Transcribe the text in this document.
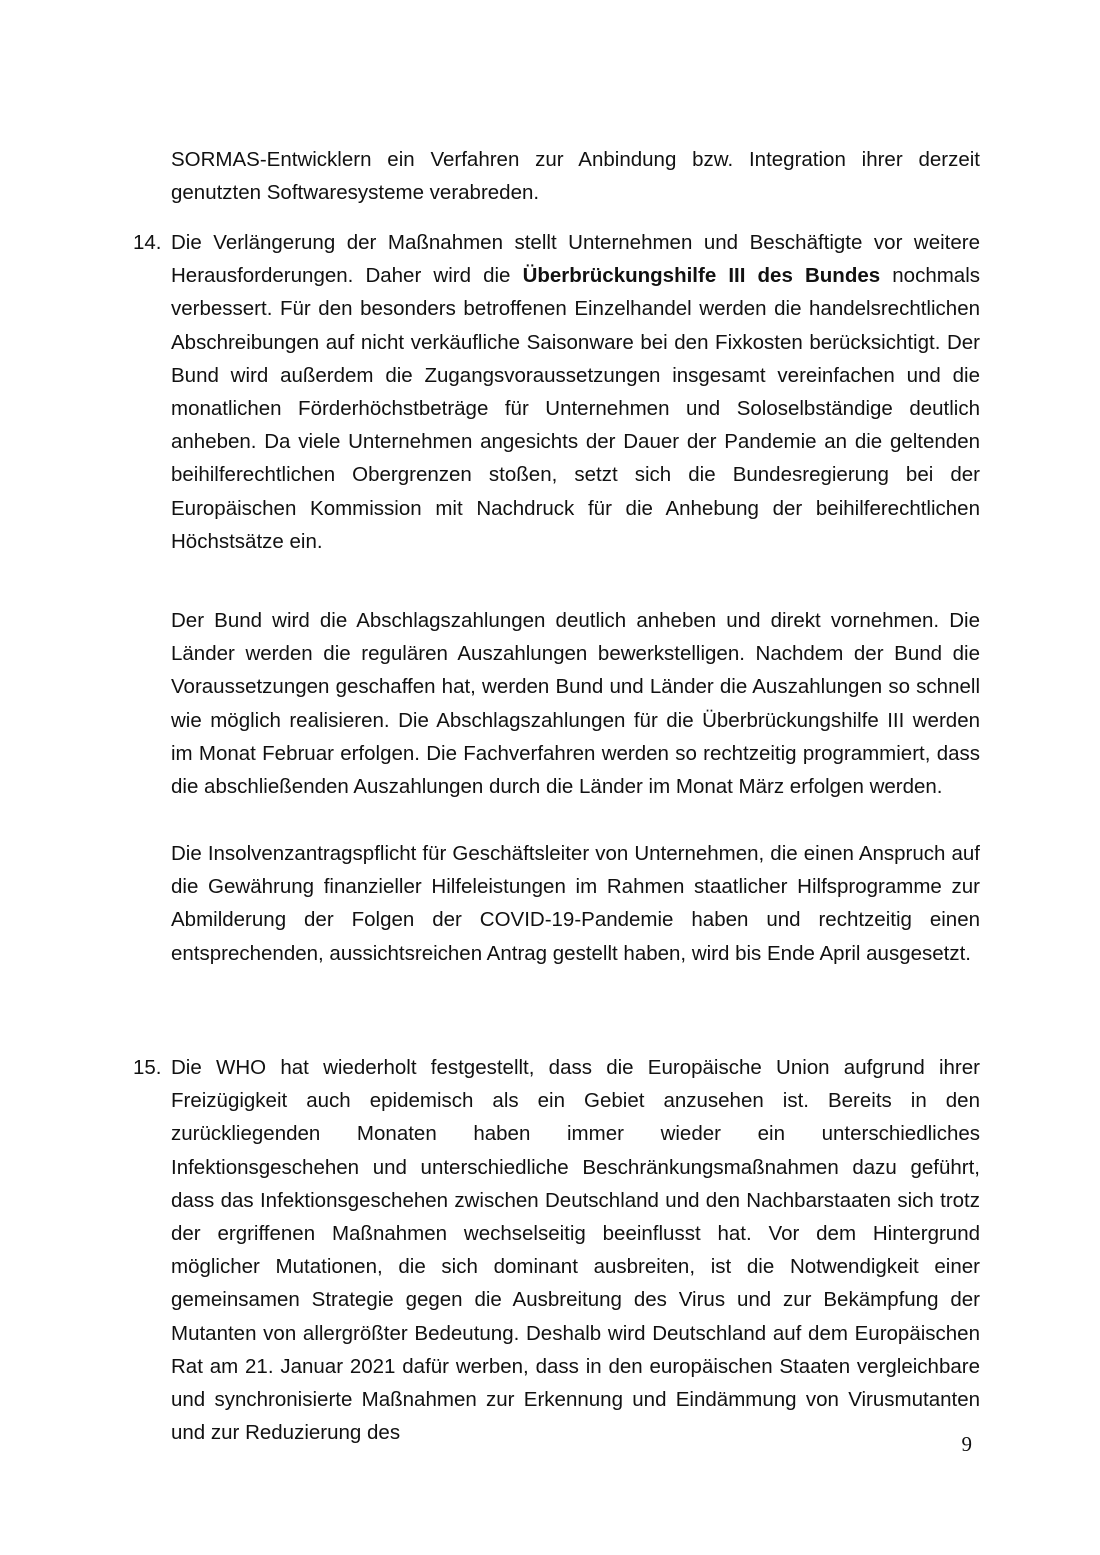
SORMAS-Entwicklern ein Verfahren zur Anbindung bzw. Integration ihrer derzeit genutzten Softwaresysteme verabreden.

14. Die Verlängerung der Maßnahmen stellt Unternehmen und Beschäftigte vor weitere Herausforderungen. Daher wird die Überbrückungshilfe III des Bundes nochmals verbessert. Für den besonders betroffenen Einzelhandel werden die handelsrechtlichen Abschreibungen auf nicht verkäufliche Saisonware bei den Fixkosten berücksichtigt. Der Bund wird außerdem die Zugangsvoraussetzungen insgesamt vereinfachen und die monatlichen Förderhöchstbeträge für Unternehmen und Soloselbständige deutlich anheben. Da viele Unternehmen angesichts der Dauer der Pandemie an die geltenden beihilferechtlichen Obergrenzen stoßen, setzt sich die Bundesregierung bei der Europäischen Kommission mit Nachdruck für die Anhebung der beihilferechtlichen Höchstsätze ein.

Der Bund wird die Abschlagszahlungen deutlich anheben und direkt vornehmen. Die Länder werden die regulären Auszahlungen bewerkstelligen. Nachdem der Bund die Voraussetzungen geschaffen hat, werden Bund und Länder die Auszahlungen so schnell wie möglich realisieren. Die Abschlagszahlungen für die Überbrückungshilfe III werden im Monat Februar erfolgen. Die Fachverfahren werden so rechtzeitig programmiert, dass die abschließenden Auszahlungen durch die Länder im Monat März erfolgen werden.

Die Insolvenzantragspflicht für Geschäftsleiter von Unternehmen, die einen Anspruch auf die Gewährung finanzieller Hilfeleistungen im Rahmen staatlicher Hilfsprogramme zur Abmilderung der Folgen der COVID-19-Pandemie haben und rechtzeitig einen entsprechenden, aussichtsreichen Antrag gestellt haben, wird bis Ende April ausgesetzt.

15. Die WHO hat wiederholt festgestellt, dass die Europäische Union aufgrund ihrer Freizügigkeit auch epidemisch als ein Gebiet anzusehen ist. Bereits in den zurückliegenden Monaten haben immer wieder ein unterschiedliches Infektionsgeschehen und unterschiedliche Beschränkungsmaßnahmen dazu geführt, dass das Infektionsgeschehen zwischen Deutschland und den Nachbarstaaten sich trotz der ergriffenen Maßnahmen wechselseitig beeinflusst hat. Vor dem Hintergrund möglicher Mutationen, die sich dominant ausbreiten, ist die Notwendigkeit einer gemeinsamen Strategie gegen die Ausbreitung des Virus und zur Bekämpfung der Mutanten von allergrößter Bedeutung. Deshalb wird Deutschland auf dem Europäischen Rat am 21. Januar 2021 dafür werben, dass in den europäischen Staaten vergleichbare und synchronisierte Maßnahmen zur Erkennung und Eindämmung von Virusmutanten und zur Reduzierung des	9
